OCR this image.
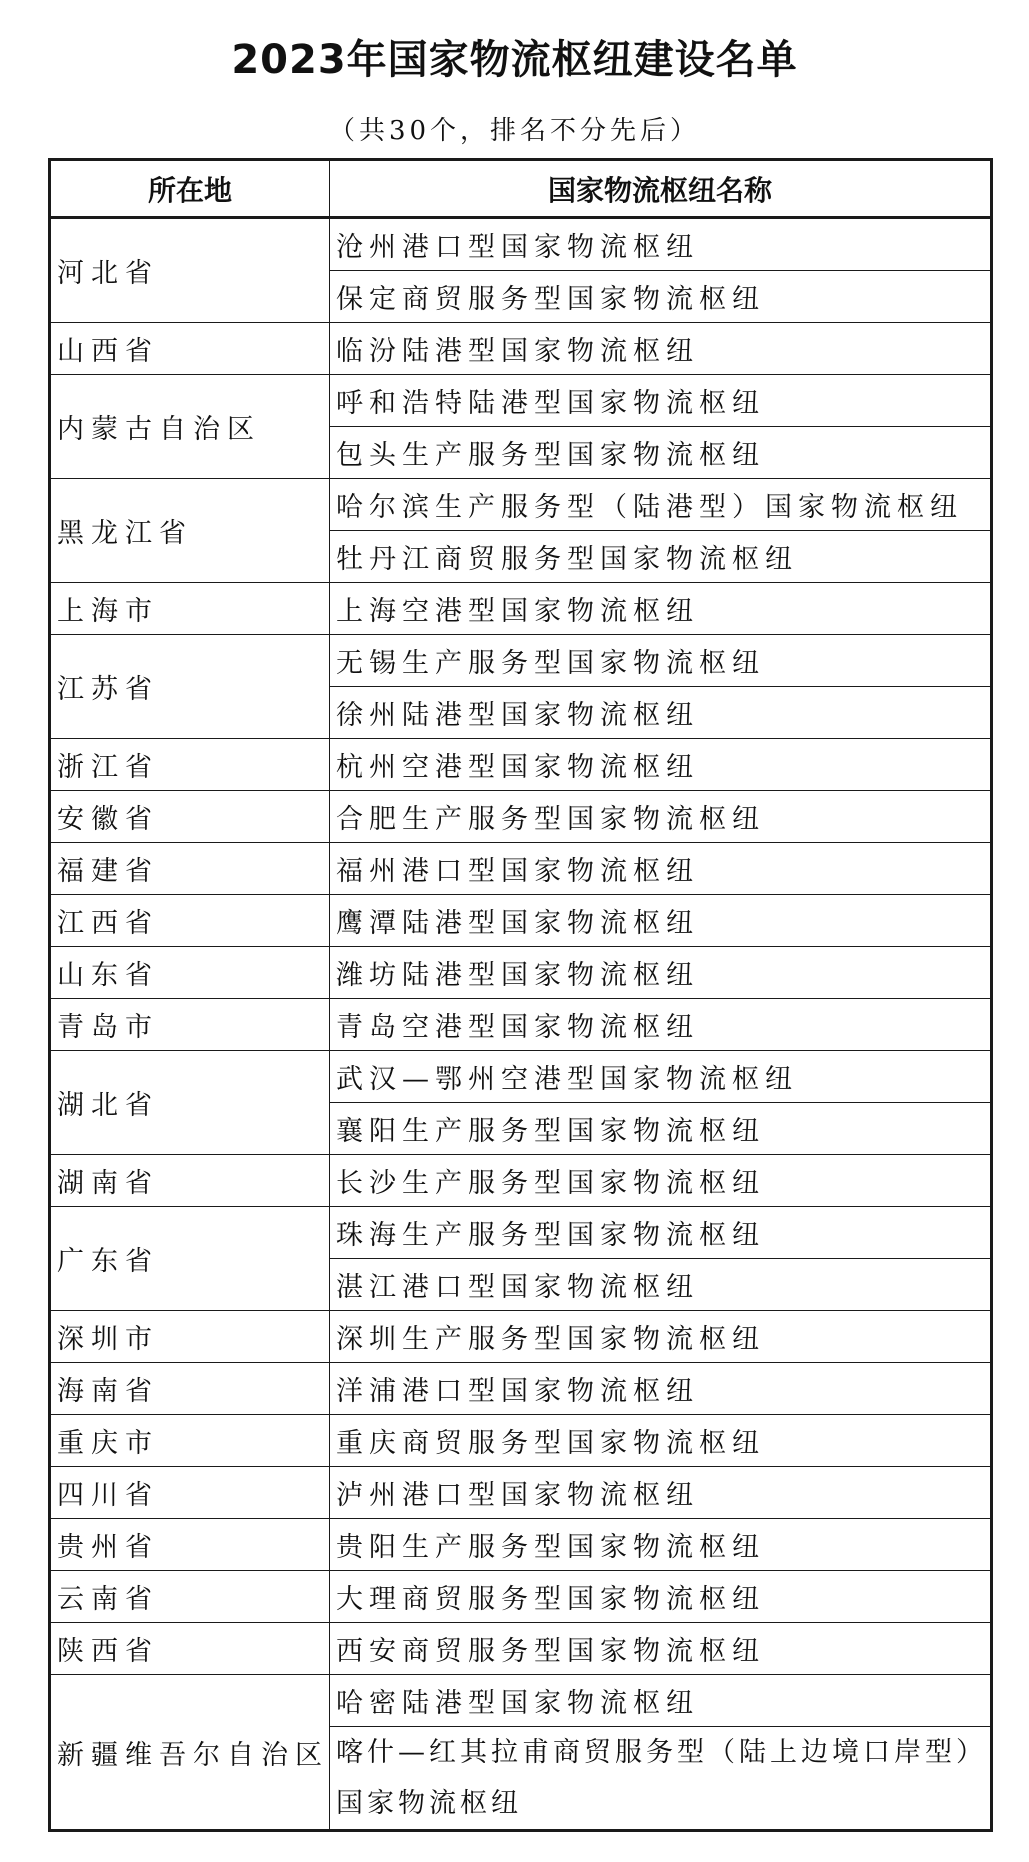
2023年国家物流枢纽建设名单
（共30个，排名不分先后）
所在地	国家物流枢纽名称
河北省	沧州港口型国家物流枢纽
	保定商贸服务型国家物流枢纽
山西省	临汾陆港型国家物流枢纽
内蒙古自治区	呼和浩特陆港型国家物流枢纽
	包头生产服务型国家物流枢纽
黑龙江省	哈尔滨生产服务型（陆港型）国家物流枢纽
	牡丹江商贸服务型国家物流枢纽
上海市	上海空港型国家物流枢纽
江苏省	无锡生产服务型国家物流枢纽
	徐州陆港型国家物流枢纽
浙江省	杭州空港型国家物流枢纽
安徽省	合肥生产服务型国家物流枢纽
福建省	福州港口型国家物流枢纽
江西省	鹰潭陆港型国家物流枢纽
山东省	潍坊陆港型国家物流枢纽
青岛市	青岛空港型国家物流枢纽
湖北省	武汉—鄂州空港型国家物流枢纽
	襄阳生产服务型国家物流枢纽
湖南省	长沙生产服务型国家物流枢纽
广东省	珠海生产服务型国家物流枢纽
	湛江港口型国家物流枢纽
深圳市	深圳生产服务型国家物流枢纽
海南省	洋浦港口型国家物流枢纽
重庆市	重庆商贸服务型国家物流枢纽
四川省	泸州港口型国家物流枢纽
贵州省	贵阳生产服务型国家物流枢纽
云南省	大理商贸服务型国家物流枢纽
陕西省	西安商贸服务型国家物流枢纽
新疆维吾尔自治区	哈密陆港型国家物流枢纽
	喀什—红其拉甫商贸服务型（陆上边境口岸型）国家物流枢纽
